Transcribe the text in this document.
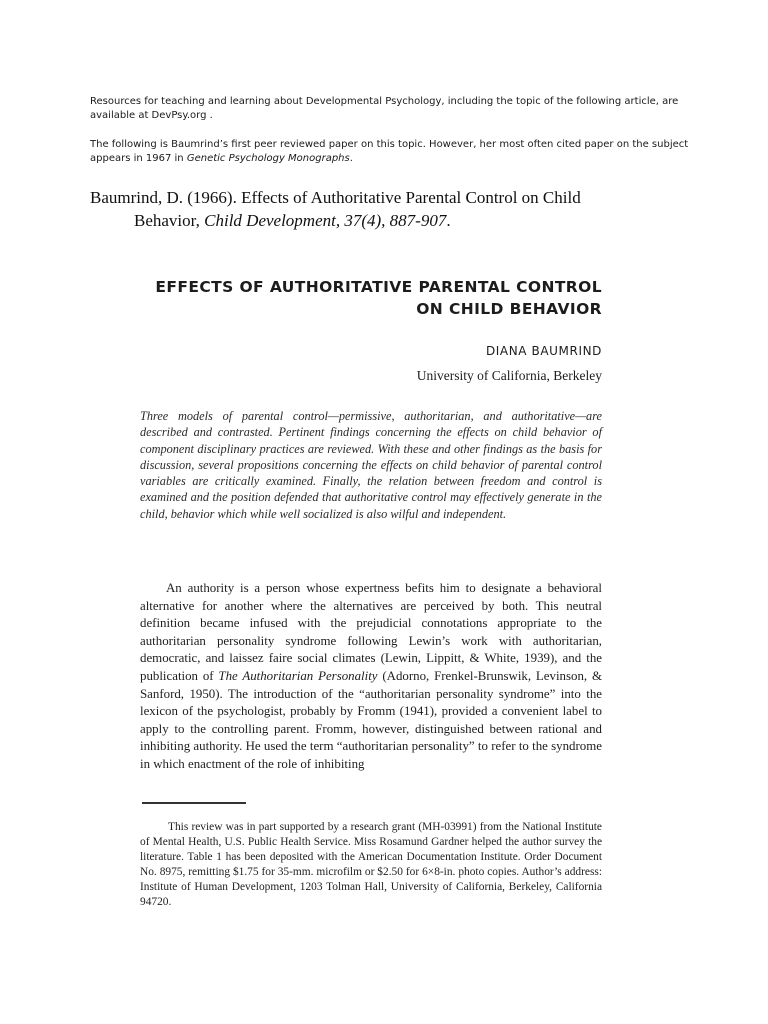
Resources for teaching and learning about Developmental Psychology, including the topic of the following article, are available at DevPsy.org .
The following is Baumrind’s first peer reviewed paper on this topic. However, her most often cited paper on the subject appears in 1967 in Genetic Psychology Monographs.
Baumrind, D. (1966). Effects of Authoritative Parental Control on Child
Behavior, Child Development, 37(4), 887-907.
EFFECTS OF AUTHORITATIVE PARENTAL CONTROL
ON CHILD BEHAVIOR
DIANA BAUMRIND
University of California, Berkeley
Three models of parental control—permissive, authoritarian, and authoritative—are described and contrasted. Pertinent findings concerning the effects on child behavior of component disciplinary practices are reviewed. With these and other findings as the basis for discussion, several propositions concerning the effects on child behavior of parental control variables are critically examined. Finally, the relation between freedom and control is examined and the position defended that authoritative control may effectively generate in the child, behavior which while well socialized is also wilful and independent.
An authority is a person whose expertness befits him to designate a behavioral alternative for another where the alternatives are perceived by both. This neutral definition became infused with the prejudicial connotations appropriate to the authoritarian personality syndrome following Lewin’s work with authoritarian, democratic, and laissez faire social climates (Lewin, Lippitt, & White, 1939), and the publication of The Authoritarian Personality (Adorno, Frenkel-Brunswik, Levinson, & Sanford, 1950). The introduction of the “authoritarian personality syndrome” into the lexicon of the psychologist, probably by Fromm (1941), provided a convenient label to apply to the controlling parent. Fromm, however, distinguished between rational and inhibiting authority. He used the term “authoritarian personality” to refer to the syndrome in which enactment of the role of inhibiting
This review was in part supported by a research grant (MH-03991) from the National Institute of Mental Health, U.S. Public Health Service. Miss Rosamund Gardner helped the author survey the literature. Table 1 has been deposited with the American Documentation Institute. Order Document No. 8975, remitting $1.75 for 35-mm. microfilm or $2.50 for 6×8-in. photo copies. Author’s address: Institute of Human Development, 1203 Tolman Hall, University of California, Berkeley, California 94720.
